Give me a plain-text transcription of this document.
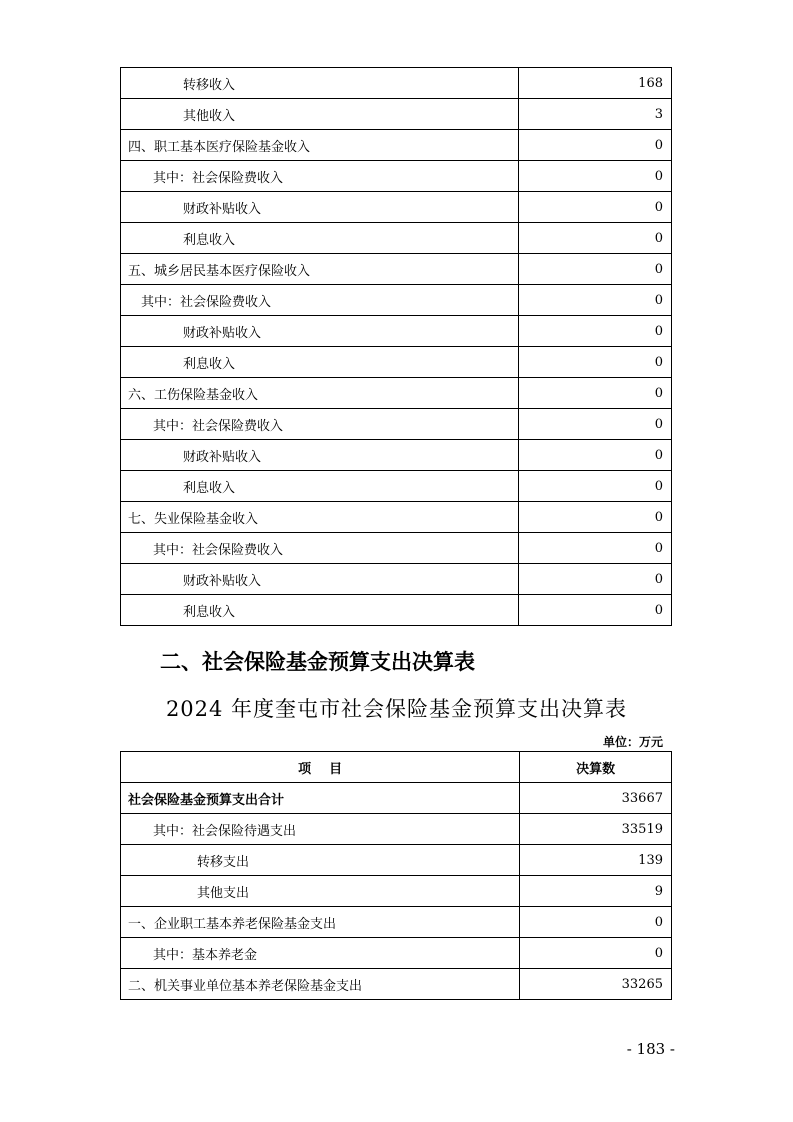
转移收入	168
其他收入	3
四、职工基本医疗保险基金收入	0
其中：社会保险费收入	0
财政补贴收入	0
利息收入	0
五、城乡居民基本医疗保险收入	0
其中：社会保险费收入	0
财政补贴收入	0
利息收入	0
六、工伤保险基金收入	0
其中：社会保险费收入	0
财政补贴收入	0
利息收入	0
七、失业保险基金收入	0
其中：社会保险费收入	0
财政补贴收入	0
利息收入	0
二、社会保险基金预算支出决算表
2024 年度奎屯市社会保险基金预算支出决算表
单位：万元
项    目	决算数
社会保险基金预算支出合计	33667
其中：社会保险待遇支出	33519
转移支出	139
其他支出	9
一、企业职工基本养老保险基金支出	0
其中：基本养老金	0
二、机关事业单位基本养老保险基金支出	33265
- 183 -
